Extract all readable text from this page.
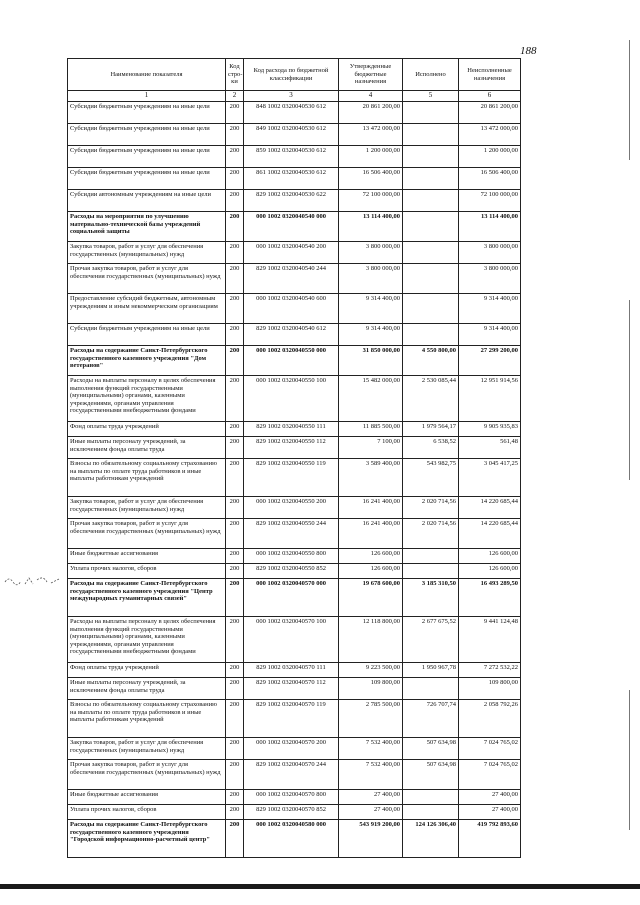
188
Наименование показателя	Код стро-ки	Код расхода по бюджетной классификации	Утвержденные бюджетные назначения	Исполнено	Неисполненные назначения
1	2	3	4	5	6
Субсидии бюджетным учреждениям на иные цели	200	848 1002 0320040530 612	20 861 200,00		20 861 200,00
Субсидии бюджетным учреждениям на иные цели	200	849 1002 0320040530 612	13 472 000,00		13 472 000,00
Субсидии бюджетным учреждениям на иные цели	200	859 1002 0320040530 612	1 200 000,00		1 200 000,00
Субсидии бюджетным учреждениям на иные цели	200	861 1002 0320040530 612	16 506 400,00		16 506 400,00
Субсидии автономным учреждениям на иные цели	200	829 1002 0320040530 622	72 100 000,00		72 100 000,00
Расходы на мероприятия по улучшению материально-технической базы учреждений социальной защиты	200	000 1002 0320040540 000	13 114 400,00		13 114 400,00
Закупка товаров, работ и услуг для обеспечения государственных (муниципальных) нужд	200	000 1002 0320040540 200	3 800 000,00		3 800 000,00
Прочая закупка товаров, работ и услуг для обеспечения государственных (муниципальных) нужд	200	829 1002 0320040540 244	3 800 000,00		3 800 000,00
Предоставление субсидий бюджетным, автономным учреждениям и иным некоммерческим организациям	200	000 1002 0320040540 600	9 314 400,00		9 314 400,00
Субсидии бюджетным учреждениям на иные цели	200	829 1002 0320040540 612	9 314 400,00		9 314 400,00
Расходы на содержание Санкт-Петербургского государственного казенного учреждения "Дом ветеранов"	200	000 1002 0320040550 000	31 850 000,00	4 550 800,00	27 299 200,00
Расходы на выплаты персоналу в целях обеспечения выполнения функций государственными (муниципальными) органами, казенными учреждениями, органами управления государственными внебюджетными фондами	200	000 1002 0320040550 100	15 482 000,00	2 530 085,44	12 951 914,56
Фонд оплаты труда учреждений	200	829 1002 0320040550 111	11 885 500,00	1 979 564,17	9 905 935,83
Иные выплаты персоналу учреждений, за исключением фонда оплаты труда	200	829 1002 0320040550 112	7 100,00	6 538,52	561,48
Взносы по обязательному социальному страхованию на выплаты по оплате труда работников и иные выплаты работникам учреждений	200	829 1002 0320040550 119	3 589 400,00	543 982,75	3 045 417,25
Закупка товаров, работ и услуг для обеспечения государственных (муниципальных) нужд	200	000 1002 0320040550 200	16 241 400,00	2 020 714,56	14 220 685,44
Прочая закупка товаров, работ и услуг для обеспечения государственных (муниципальных) нужд	200	829 1002 0320040550 244	16 241 400,00	2 020 714,56	14 220 685,44
Иные бюджетные ассигнования	200	000 1002 0320040550 800	126 600,00		126 600,00
Уплата прочих налогов, сборов	200	829 1002 0320040550 852	126 600,00		126 600,00
Расходы на содержание Санкт-Петербургского государственного казенного учреждения "Центр международных гуманитарных связей"	200	000 1002 0320040570 000	19 678 600,00	3 185 310,50	16 493 289,50
Расходы на выплаты персоналу в целях обеспечения выполнения функций государственными (муниципальными) органами, казенными учреждениями, органами управления государственными внебюджетными фондами	200	000 1002 0320040570 100	12 118 800,00	2 677 675,52	9 441 124,48
Фонд оплаты труда учреждений	200	829 1002 0320040570 111	9 223 500,00	1 950 967,78	7 272 532,22
Иные выплаты персоналу учреждений, за исключением фонда оплаты труда	200	829 1002 0320040570 112	109 800,00		109 800,00
Взносы по обязательному социальному страхованию на выплаты по оплате труда работников и иные выплаты работникам учреждений	200	829 1002 0320040570 119	2 785 500,00	726 707,74	2 058 792,26
Закупка товаров, работ и услуг для обеспечения государственных (муниципальных) нужд	200	000 1002 0320040570 200	7 532 400,00	507 634,98	7 024 765,02
Прочая закупка товаров, работ и услуг для обеспечения государственных (муниципальных) нужд	200	829 1002 0320040570 244	7 532 400,00	507 634,98	7 024 765,02
Иные бюджетные ассигнования	200	000 1002 0320040570 800	27 400,00		27 400,00
Уплата прочих налогов, сборов	200	829 1002 0320040570 852	27 400,00		27 400,00
Расходы на содержание Санкт-Петербургского государственного казенного учреждения "Городской информационно-расчетный центр"	200	000 1002 0320040580 000	543 919 200,00	124 126 306,40	419 792 893,60
